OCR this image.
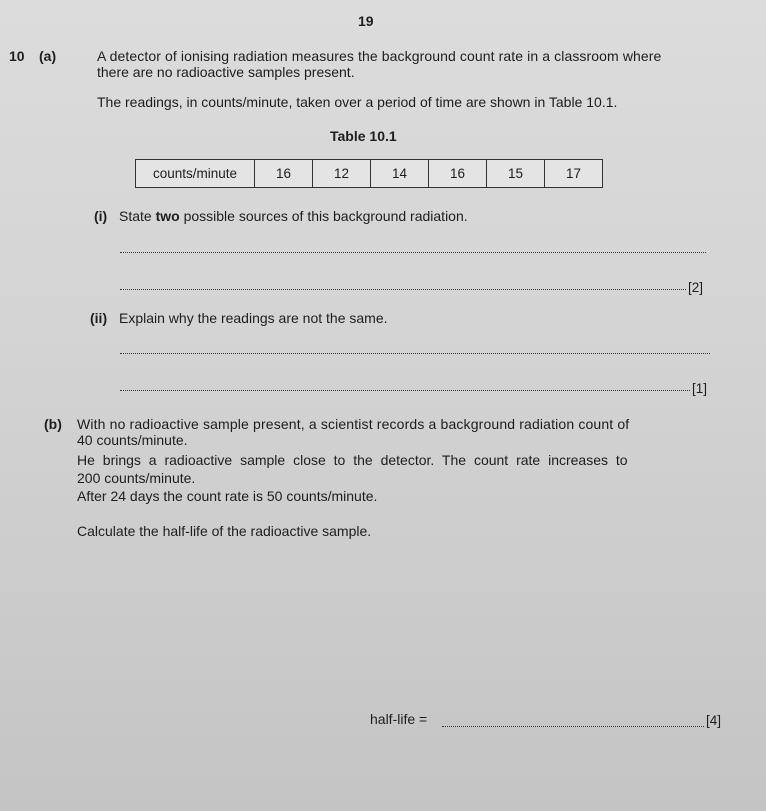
19
10 (a)	A detector of ionising radiation measures the background count rate in a classroom where
there are no radioactive samples present.
The readings, in counts/minute, taken over a period of time are shown in Table 10.1.
Table 10.1
counts/minute	16	12	14	16	15	17
(i) State two possible sources of this background radiation.
[2]
(ii) Explain why the readings are not the same.
[1]
(b) With no radioactive sample present, a scientist records a background radiation count of
40 counts/minute.
He brings a radioactive sample close to the detector. The count rate increases to
200 counts/minute.
After 24 days the count rate is 50 counts/minute.
Calculate the half-life of the radioactive sample.
half-life =	[4]
